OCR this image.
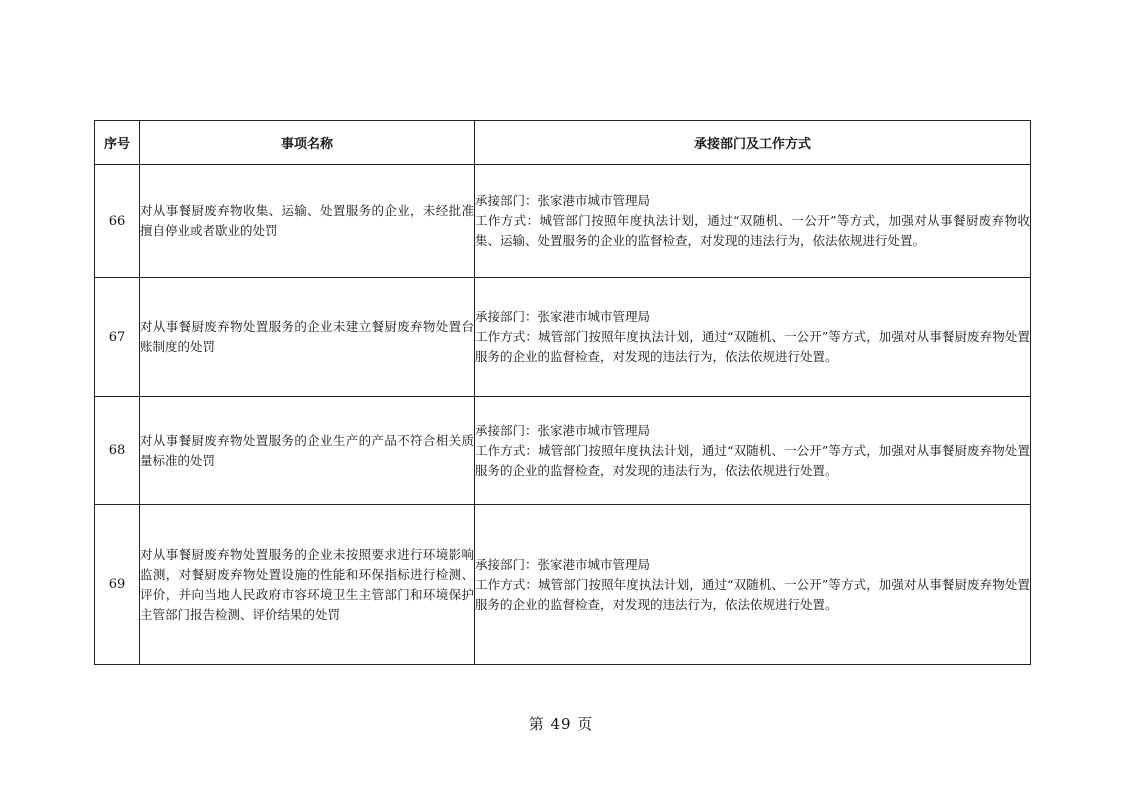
序号	事项名称	承接部门及工作方式
66	对从事餐厨废弃物收集、运输、处置服务的企业，未经批准擅自停业或者歇业的处罚	承接部门：张家港市城市管理局
工作方式：城管部门按照年度执法计划，通过“双随机、一公开”等方式，加强对从事餐厨废弃物收集、运输、处置服务的企业的监督检查，对发现的违法行为，依法依规进行处置。

67	对从事餐厨废弃物处置服务的企业未建立餐厨废弃物处置台账制度的处罚	承接部门：张家港市城市管理局
工作方式：城管部门按照年度执法计划，通过“双随机、一公开”等方式，加强对从事餐厨废弃物处置服务的企业的监督检查，对发现的违法行为，依法依规进行处置。

68	对从事餐厨废弃物处置服务的企业生产的产品不符合相关质量标准的处罚	承接部门：张家港市城市管理局
工作方式：城管部门按照年度执法计划，通过“双随机、一公开”等方式，加强对从事餐厨废弃物处置服务的企业的监督检查，对发现的违法行为，依法依规进行处置。

69	对从事餐厨废弃物处置服务的企业未按照要求进行环境影响监测，对餐厨废弃物处置设施的性能和环保指标进行检测、评价，并向当地人民政府市容环境卫生主管部门和环境保护主管部门报告检测、评价结果的处罚	承接部门：张家港市城市管理局
工作方式：城管部门按照年度执法计划，通过“双随机、一公开”等方式，加强对从事餐厨废弃物处置服务的企业的监督检查，对发现的违法行为，依法依规进行处置。
第 49 页
